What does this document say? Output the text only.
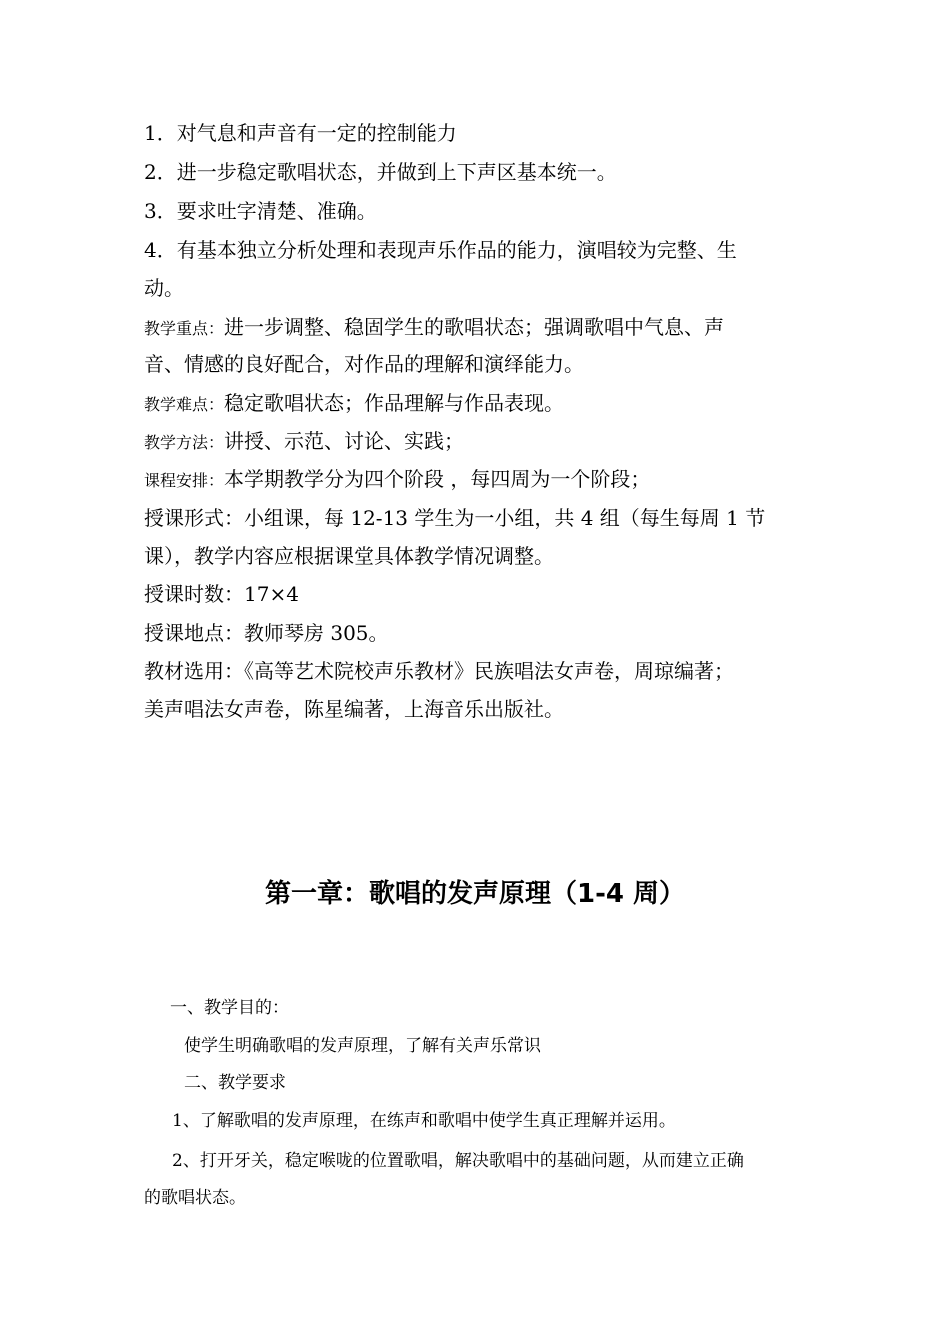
1．对气息和声音有一定的控制能力
2．进一步稳定歌唱状态，并做到上下声区基本统一。
3．要求吐字清楚、准确。
4．有基本独立分析处理和表现声乐作品的能力，演唱较为完整、生
动。
教学重点：进一步调整、稳固学生的歌唱状态；强调歌唱中气息、声
音、情感的良好配合，对作品的理解和演绎能力。
教学难点：稳定歌唱状态；作品理解与作品表现。
教学方法：讲授、示范、讨论、实践；
课程安排：本学期教学分为四个阶段 ，每四周为一个阶段；
授课形式：小组课，每 12-13 学生为一小组，共 4 组（每生每周 1 节
课），教学内容应根据课堂具体教学情况调整。
授课时数：17×4
授课地点：教师琴房 305。
教材选用：《高等艺术院校声乐教材》民族唱法女声卷，周琼编著；
美声唱法女声卷，陈星编著，上海音乐出版社。
第一章：歌唱的发声原理（1-4 周）
一、教学目的：
使学生明确歌唱的发声原理，了解有关声乐常识
二、教学要求
1、了解歌唱的发声原理，在练声和歌唱中使学生真正理解并运用。
2、打开牙关，稳定喉咙的位置歌唱，解决歌唱中的基础问题，从而建立正确
的歌唱状态。
